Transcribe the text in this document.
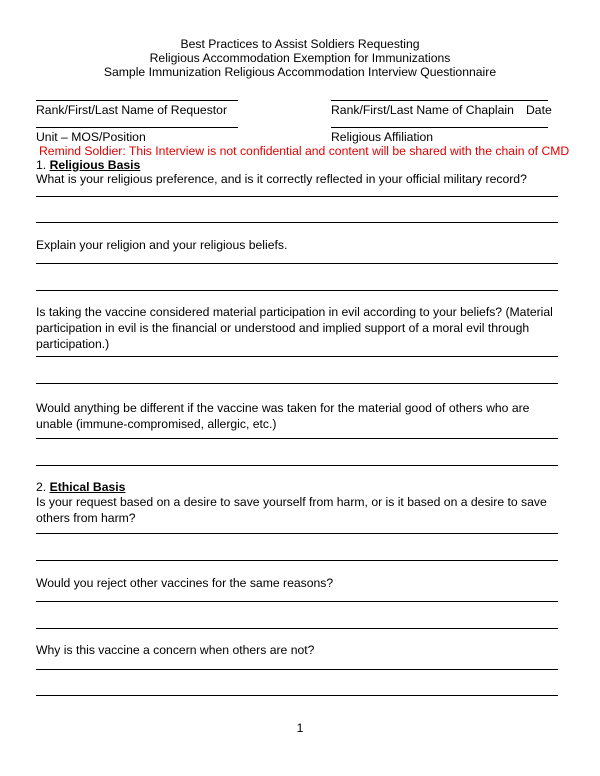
Best Practices to Assist Soldiers Requesting
Religious Accommodation Exemption for Immunizations
Sample Immunization Religious Accommodation Interview Questionnaire
Rank/First/Last Name of Requestor	Rank/First/Last Name of Chaplain Date
Unit – MOS/Position	Religious Affiliation
Remind Soldier: This Interview is not confidential and content will be shared with the chain of CMD
1. Religious Basis
What is your religious preference, and is it correctly reflected in your official military record?
Explain your religion and your religious beliefs.
Is taking the vaccine considered material participation in evil according to your beliefs? (Material participation in evil is the financial or understood and implied support of a moral evil through participation.)
Would anything be different if the vaccine was taken for the material good of others who are unable (immune-compromised, allergic, etc.)
2. Ethical Basis
Is your request based on a desire to save yourself from harm, or is it based on a desire to save others from harm?
Would you reject other vaccines for the same reasons?
Why is this vaccine a concern when others are not?
1
